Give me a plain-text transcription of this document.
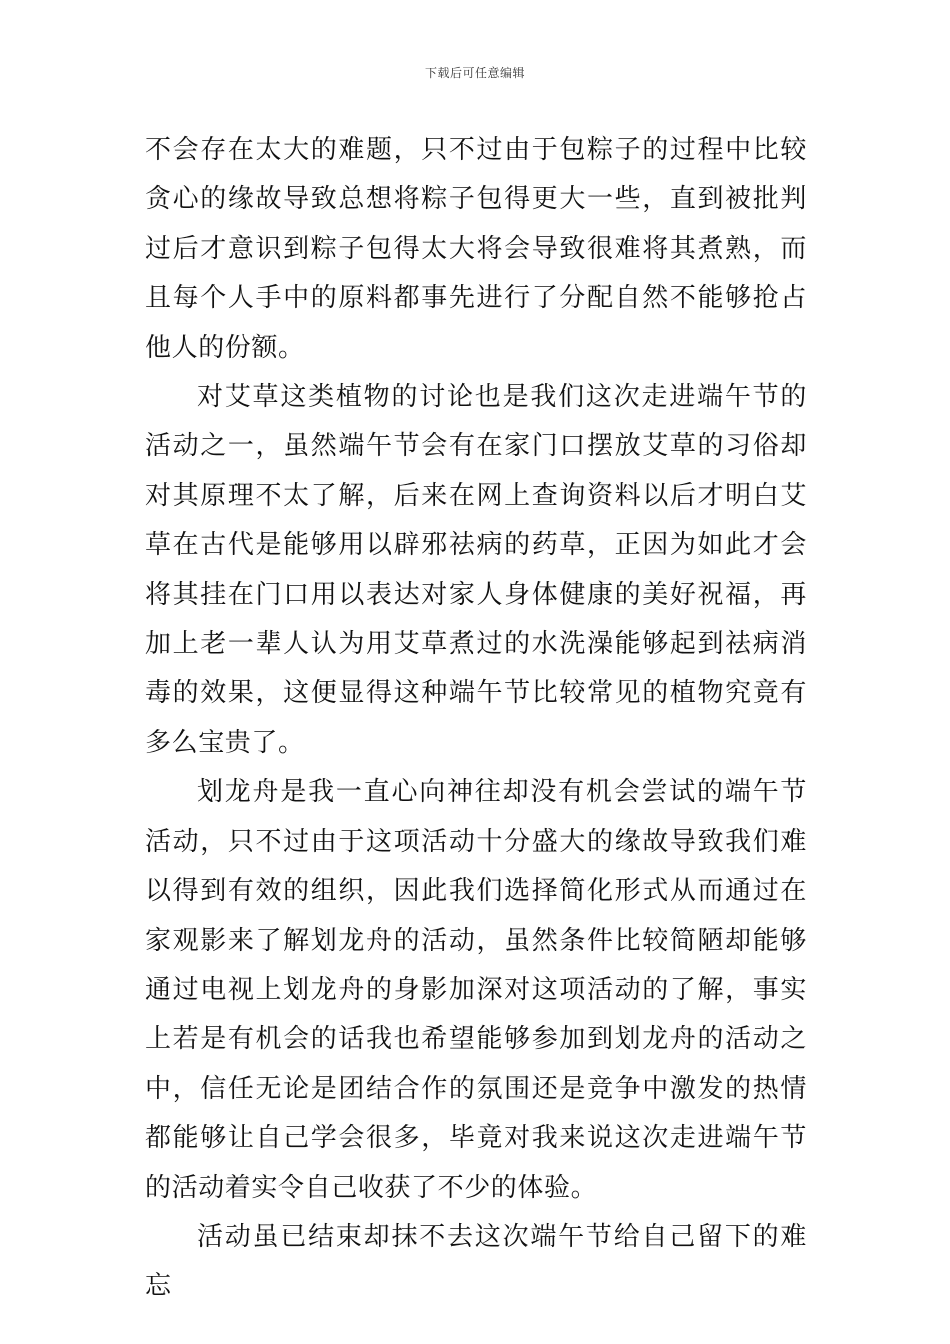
下载后可任意编辑

不会存在太大的难题，只不过由于包粽子的过程中比较贪心的缘故导致总想将粽子包得更大一些，直到被批判过后才意识到粽子包得太大将会导致很难将其煮熟，而且每个人手中的原料都事先进行了分配自然不能够抢占他人的份额。

对艾草这类植物的讨论也是我们这次走进端午节的活动之一，虽然端午节会有在家门口摆放艾草的习俗却对其原理不太了解，后来在网上查询资料以后才明白艾草在古代是能够用以辟邪祛病的药草，正因为如此才会将其挂在门口用以表达对家人身体健康的美好祝福，再加上老一辈人认为用艾草煮过的水洗澡能够起到祛病消毒的效果，这便显得这种端午节比较常见的植物究竟有多么宝贵了。

划龙舟是我一直心向神往却没有机会尝试的端午节活动，只不过由于这项活动十分盛大的缘故导致我们难以得到有效的组织，因此我们选择简化形式从而通过在家观影来了解划龙舟的活动，虽然条件比较简陋却能够通过电视上划龙舟的身影加深对这项活动的了解，事实上若是有机会的话我也希望能够参加到划龙舟的活动之中，信任无论是团结合作的氛围还是竞争中激发的热情都能够让自己学会很多，毕竟对我来说这次走进端午节的活动着实令自己收获了不少的体验。

活动虽已结束却抹不去这次端午节给自己留下的难忘
